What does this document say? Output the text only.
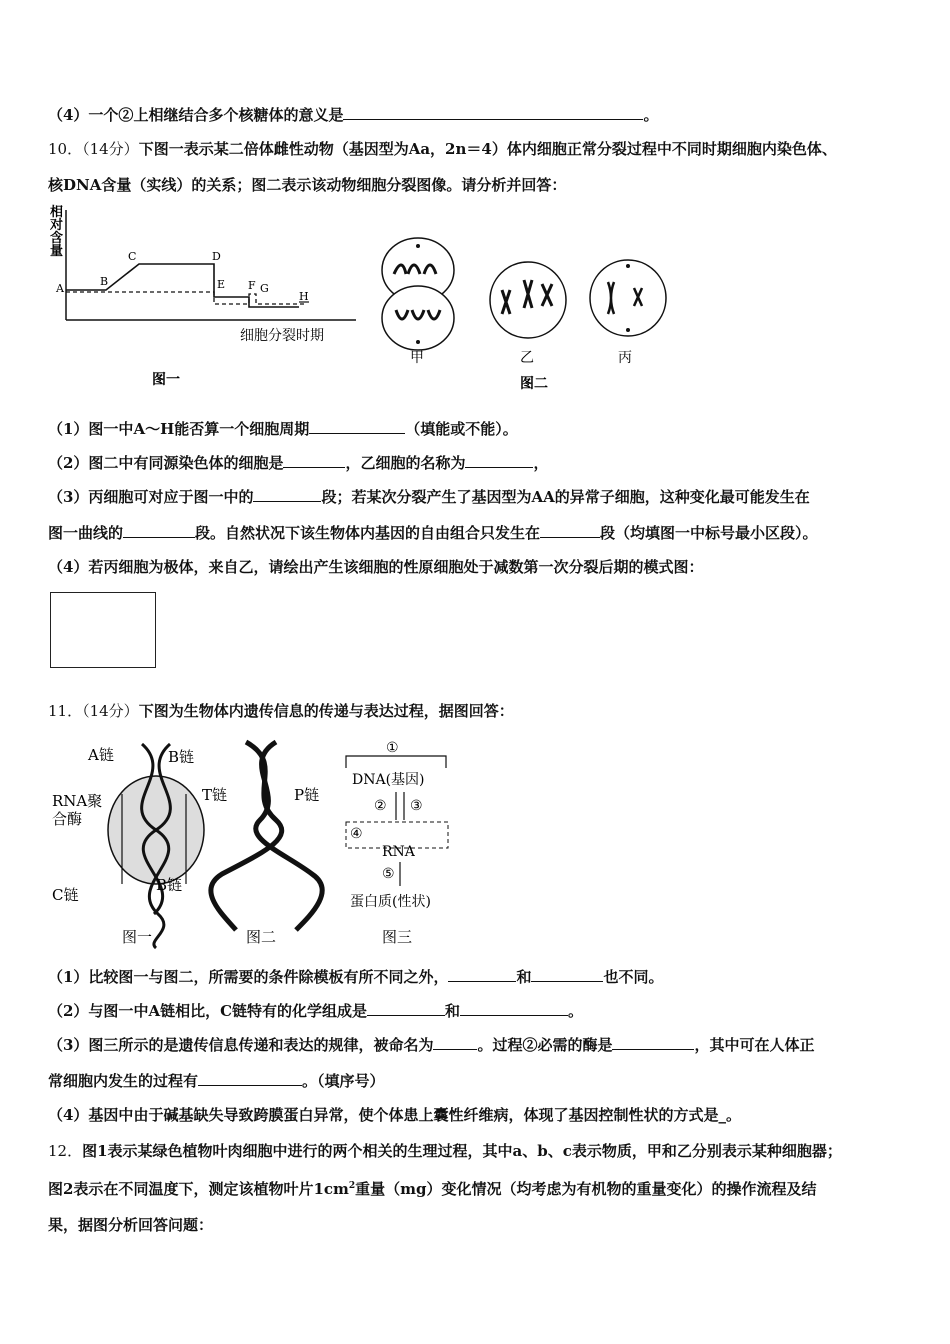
（4）一个②上相继结合多个核糖体的意义是	。
10．（14分）下图一表示某二倍体雌性动物（基因型为Aa，2n＝4）体内细胞正常分裂过程中不同时期细胞内染色体、
核DNA含量（实线）的关系；图二表示该动物细胞分裂图像。请分析并回答：
相
对
含
量
A
B
C	D
E F G
H
细胞分裂时期
图一
甲	乙	丙
图二
（1）图一中A～H能否算一个细胞周期	（填能或不能）。
（2）图二中有同源染色体的细胞是	，乙细胞的名称为	，
（3）丙细胞可对应于图一中的	段；若某次分裂产生了基因型为AA的异常子细胞，这种变化最可能发生在
图一曲线的	段。自然状况下该生物体内基因的自由组合只发生在	段（均填图一中标号最小区段）。
（4）若丙细胞为极体，来自乙，请绘出产生该细胞的性原细胞处于减数第一次分裂后期的模式图：
11．（14分）下图为生物体内遗传信息的传递与表达过程，据图回答：
A链	B链
RNA聚
合酶
C链
B链
图一
T链	P链
图二
①
DNA(基因)
② ③
④
RNA
⑤
蛋白质(性状)
图三
（1）比较图一与图二，所需要的条件除模板有所不同之外，	和	也不同。
（2）与图一中A链相比，C链特有的化学组成是	和	。
（3）图三所示的是遗传信息传递和表达的规律，被命名为	。过程②必需的酶是	，其中可在人体正
常细胞内发生的过程有	。（填序号）
（4）基因中由于碱基缺失导致跨膜蛋白异常，使个体患上囊性纤维病，体现了基因控制性状的方式是_。
12．图1表示某绿色植物叶肉细胞中进行的两个相关的生理过程，其中a、b、c表示物质，甲和乙分别表示某种细胞器；
图2表示在不同温度下，测定该植物叶片$1cm^2$重量（mg）变化情况（均考虑为有机物的重量变化）的操作流程及结
果，据图分析回答问题：
